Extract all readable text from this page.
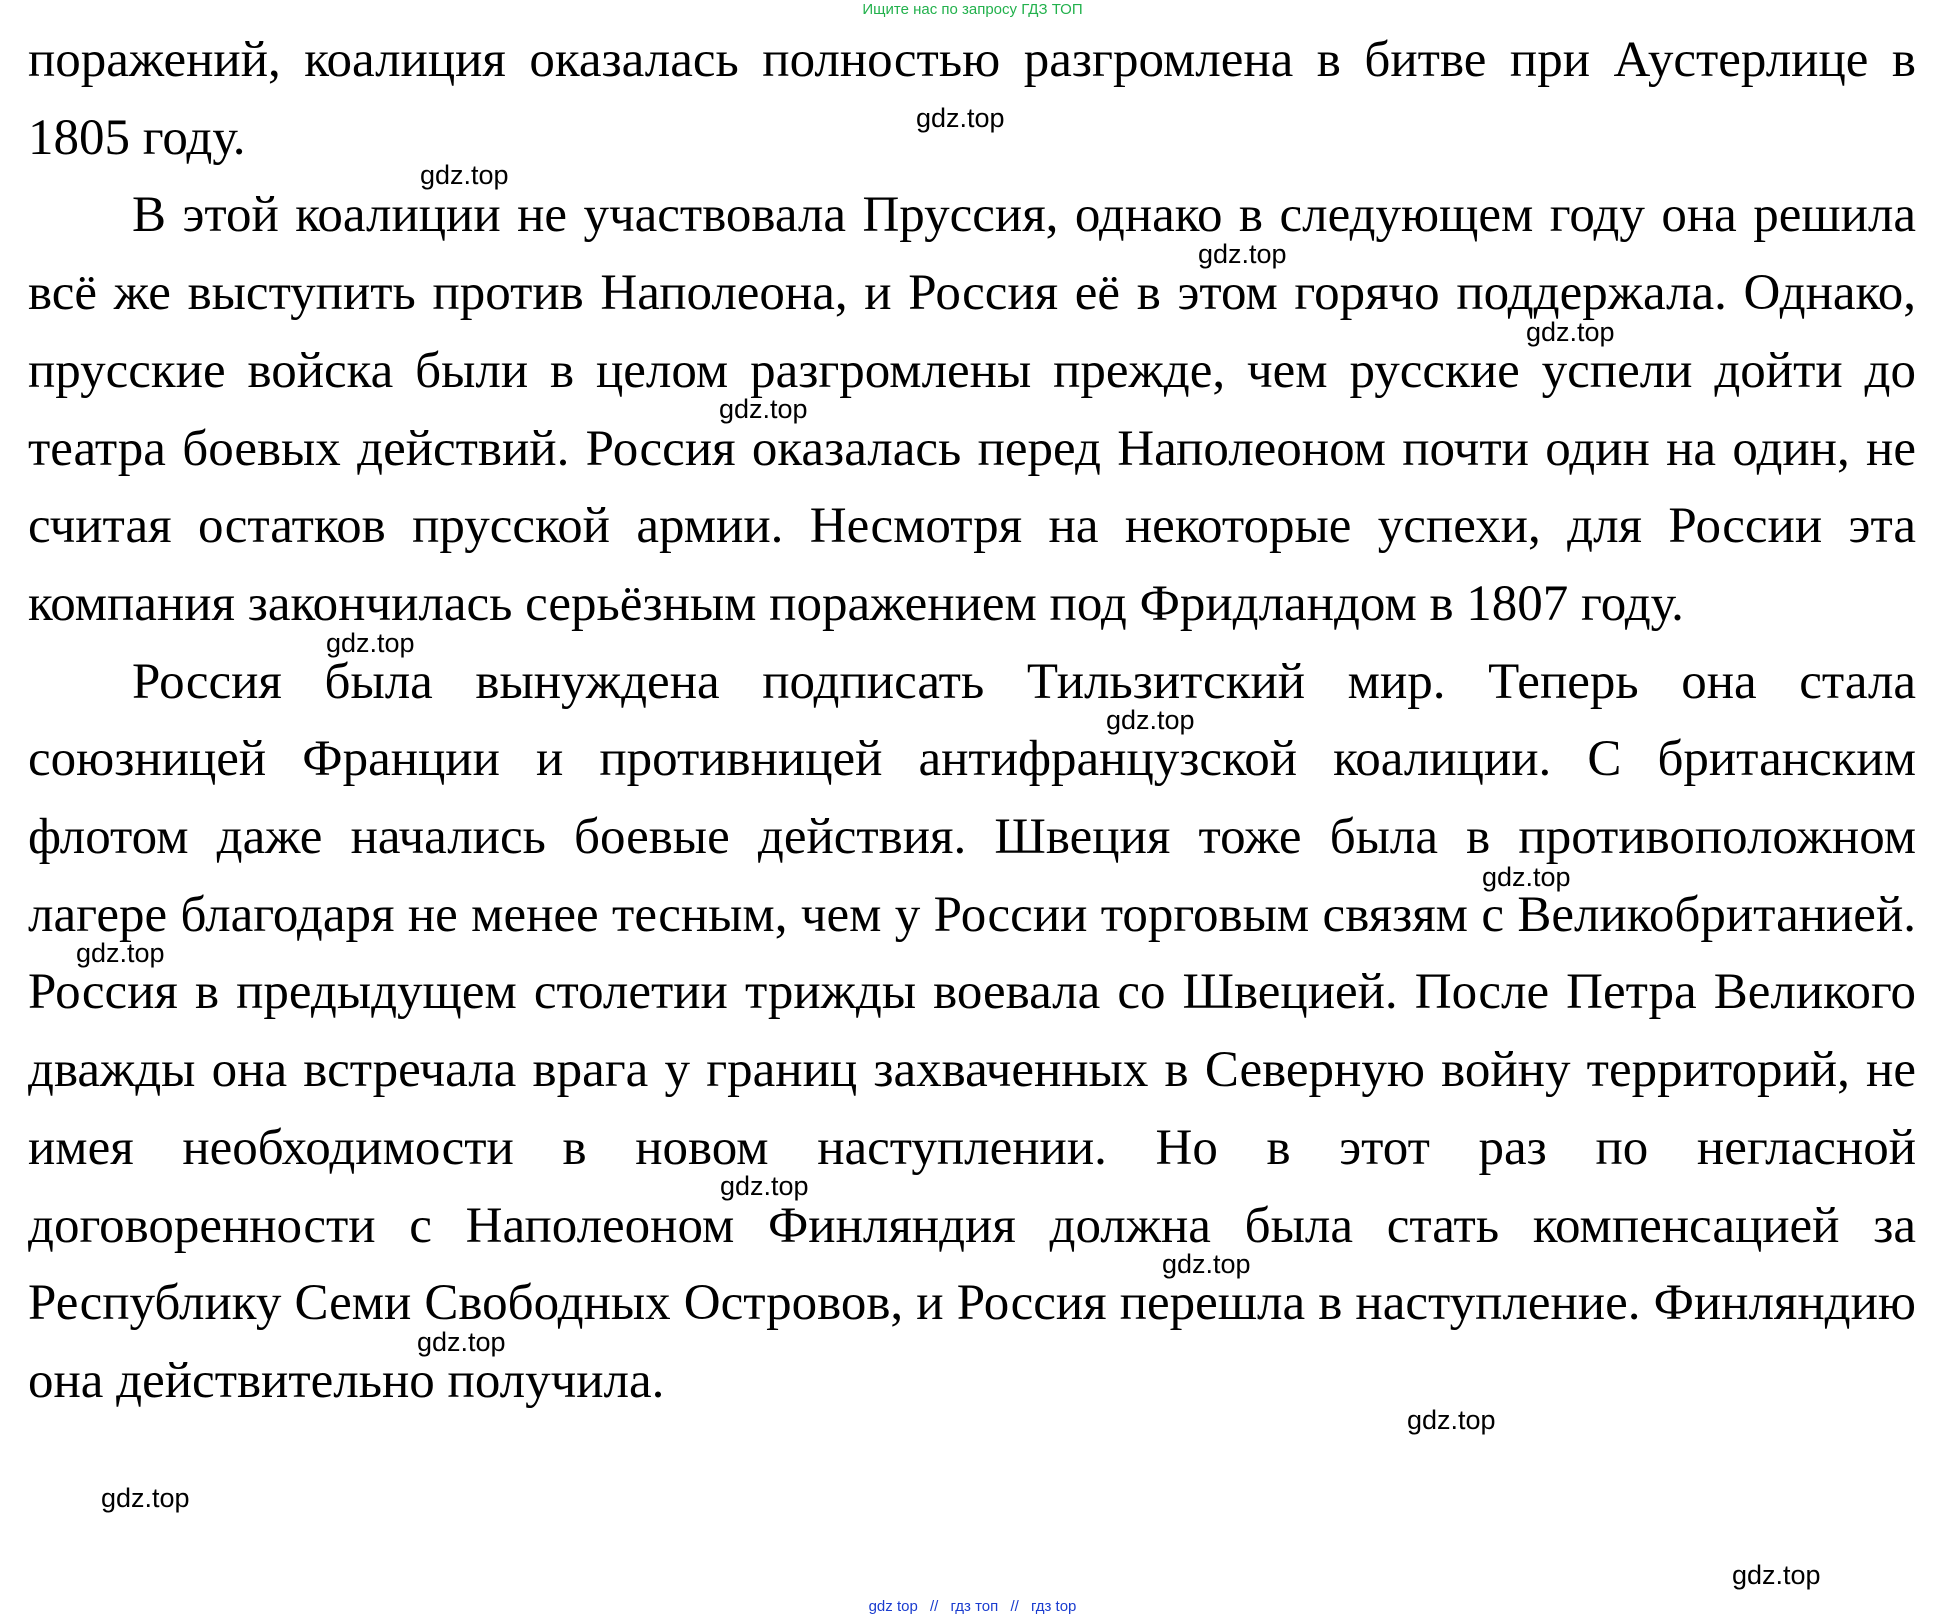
Ищите нас по запросу ГДЗ ТОП

поражений, коалиция оказалась полностью разгромлена в битве при Аустерлице в 1805 году.

В этой коалиции не участвовала Пруссия, однако в следующем году она решила всё же выступить против Наполеона, и Россия её в этом горячо поддержала. Однако, прусские войска были в целом разгромлены прежде, чем русские успели дойти до театра боевых действий. Россия оказалась перед Наполеоном почти один на один, не считая остатков прусской армии. Несмотря на некоторые успехи, для России эта компания закончилась серьёзным поражением под Фридландом в 1807 году.

Россия была вынуждена подписать Тильзитский мир. Теперь она стала союзницей Франции и противницей антифранцузской коалиции. С британским флотом даже начались боевые действия. Швеция тоже была в противоположном лагере благодаря не менее тесным, чем у России торговым связям с Великобританией. Россия в предыдущем столетии трижды воевала со Швецией. После Петра Великого дважды она встречала врага у границ захваченных в Северную войну территорий, не имея необходимости в новом наступлении. Но в этот раз по негласной договоренности с Наполеоном Финляндия должна была стать компенсацией за Республику Семи Свободных Островов, и Россия перешла в наступление. Финляндию она действительно получила.

gdz.top
gdz.top
gdz.top
gdz.top
gdz.top
gdz.top
gdz.top
gdz.top
gdz.top
gdz.top
gdz.top
gdz.top
gdz.top
gdz.top
gdz.top
gdz top // гдз топ // гдз top
